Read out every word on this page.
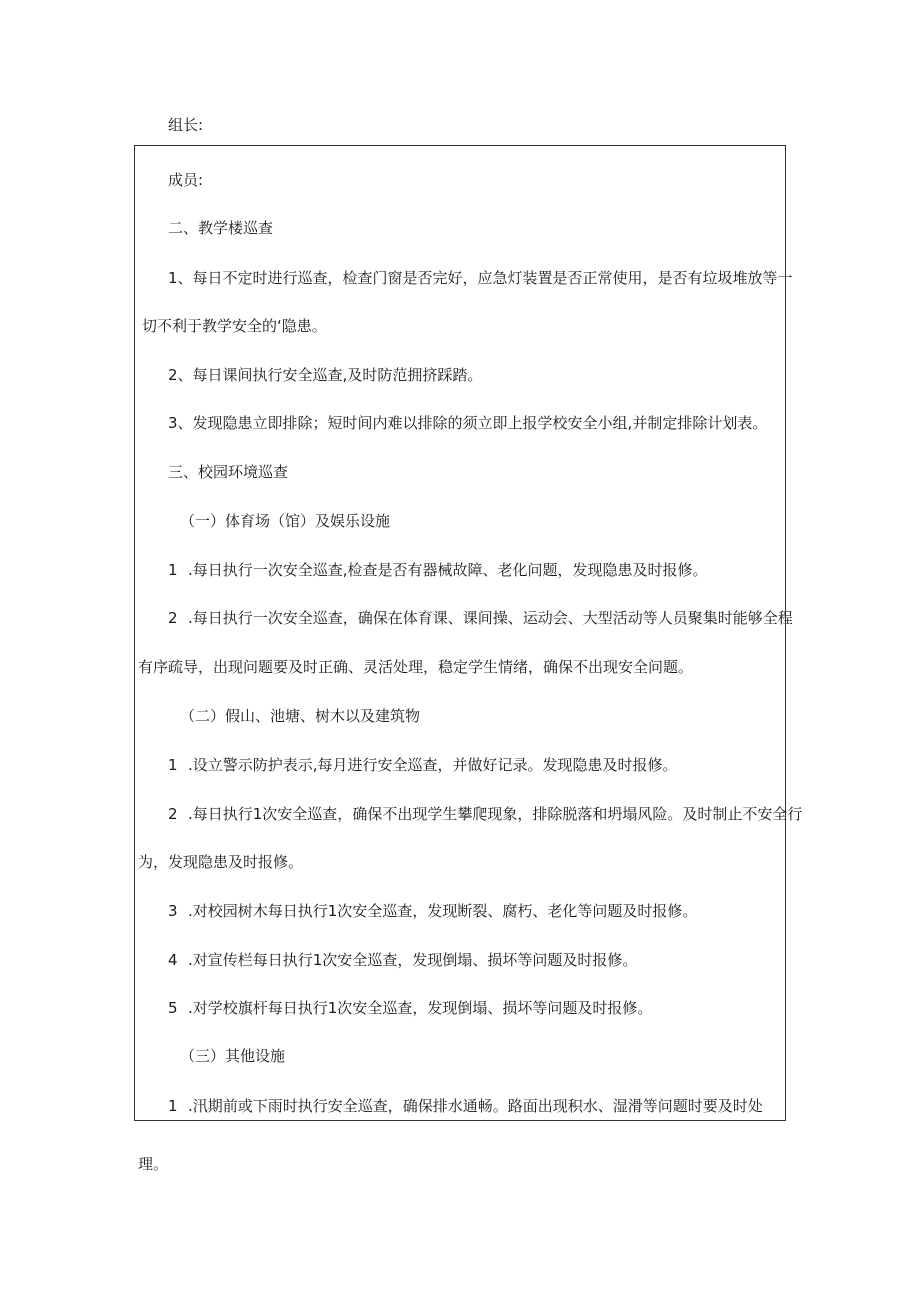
组长:
成员:
二、教学楼巡查
1、每日不定时进行巡查，检查门窗是否完好，应急灯装置是否正常使用，是否有垃圾堆放等一
切不利于教学安全的‘隐患。
2、每日课间执行安全巡查,及时防范拥挤踩踏。
3、发现隐患立即排除；短时间内难以排除的须立即上报学校安全小组,并制定排除计划表。
三、校园环境巡查
（一）体育场（馆）及娱乐设施
1 .每日执行一次安全巡查,检查是否有器械故障、老化问题，发现隐患及时报修。
2 .每日执行一次安全巡查，确保在体育课、课间操、运动会、大型活动等人员聚集时能够全程
有序疏导，出现问题要及时正确、灵活处理，稳定学生情绪，确保不出现安全问题。
（二）假山、池塘、树木以及建筑物
1 .设立警示防护表示,每月进行安全巡查，并做好记录。发现隐患及时报修。
2 .每日执行1次安全巡查，确保不出现学生攀爬现象，排除脱落和坍塌风险。及时制止不安全行
为，发现隐患及时报修。
3 .对校园树木每日执行1次安全巡查，发现断裂、腐朽、老化等问题及时报修。
4 .对宣传栏每日执行1次安全巡查，发现倒塌、损坏等问题及时报修。
5 .对学校旗杆每日执行1次安全巡查，发现倒塌、损坏等问题及时报修。
（三）其他设施
1 .汛期前或下雨时执行安全巡查，确保排水通畅。路面出现积水、湿滑等问题时要及时处
理。
